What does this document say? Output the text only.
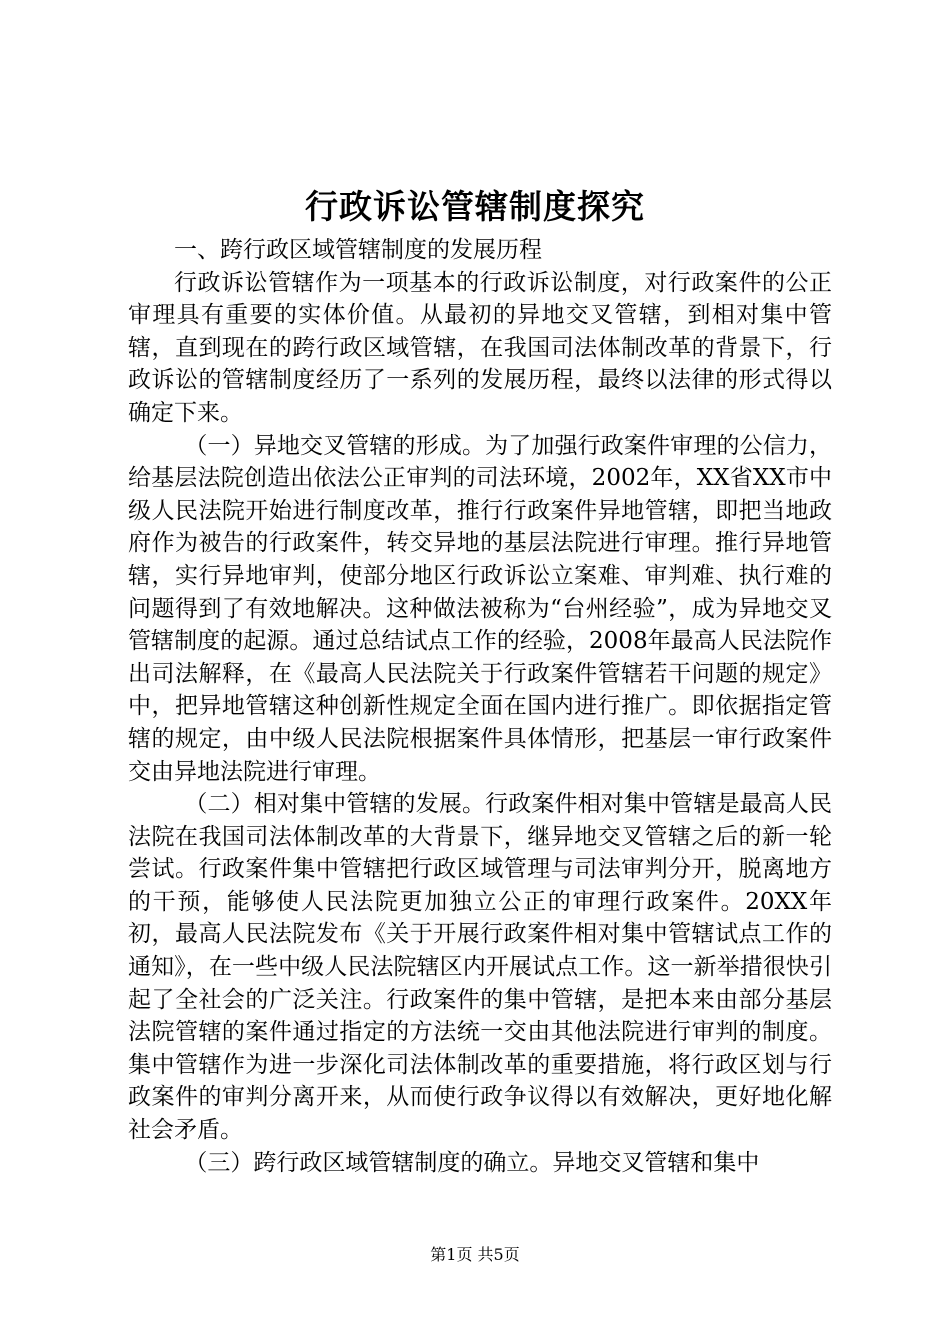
行政诉讼管辖制度探究

一、跨行政区域管辖制度的发展历程

行政诉讼管辖作为一项基本的行政诉讼制度，对行政案件的公正审理具有重要的实体价值。从最初的异地交叉管辖，到相对集中管辖，直到现在的跨行政区域管辖，在我国司法体制改革的背景下，行政诉讼的管辖制度经历了一系列的发展历程，最终以法律的形式得以确定下来。

（一）异地交叉管辖的形成。为了加强行政案件审理的公信力，给基层法院创造出依法公正审判的司法环境，2002年，XX省XX市中级人民法院开始进行制度改革，推行行政案件异地管辖，即把当地政府作为被告的行政案件，转交异地的基层法院进行审理。推行异地管辖，实行异地审判，使部分地区行政诉讼立案难、审判难、执行难的问题得到了有效地解决。这种做法被称为“台州经验”，成为异地交叉管辖制度的起源。通过总结试点工作的经验，2008年最高人民法院作出司法解释，在《最高人民法院关于行政案件管辖若干问题的规定》中，把异地管辖这种创新性规定全面在国内进行推广。即依据指定管辖的规定，由中级人民法院根据案件具体情形，把基层一审行政案件交由异地法院进行审理。

（二）相对集中管辖的发展。行政案件相对集中管辖是最高人民法院在我国司法体制改革的大背景下，继异地交叉管辖之后的新一轮尝试。行政案件集中管辖把行政区域管理与司法审判分开，脱离地方的干预，能够使人民法院更加独立公正的审理行政案件。20XX年初，最高人民法院发布《关于开展行政案件相对集中管辖试点工作的通知》，在一些中级人民法院辖区内开展试点工作。这一新举措很快引起了全社会的广泛关注。行政案件的集中管辖，是把本来由部分基层法院管辖的案件通过指定的方法统一交由其他法院进行审判的制度。集中管辖作为进一步深化司法体制改革的重要措施，将行政区划与行政案件的审判分离开来，从而使行政争议得以有效解决，更好地化解社会矛盾。

（三）跨行政区域管辖制度的确立。异地交叉管辖和集中

第1页 共5页
